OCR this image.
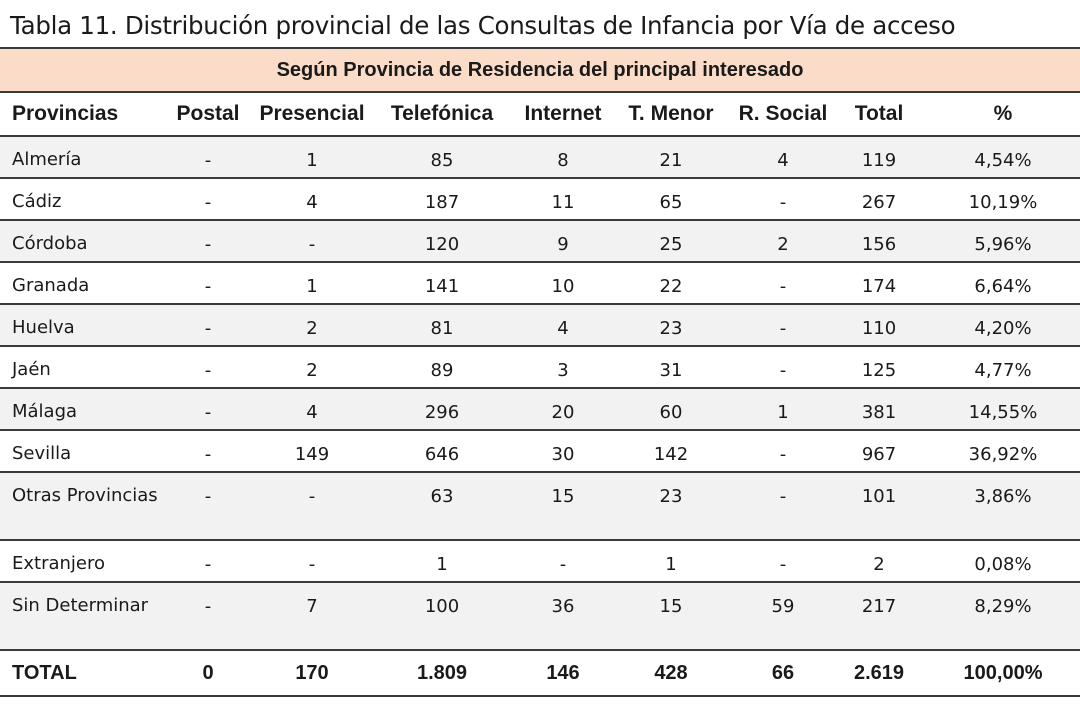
Tabla 11. Distribución provincial de las Consultas de Infancia por Vía de acceso
Según Provincia de Residencia del principal interesado
Provincias	Postal	Presencial	Telefónica	Internet	T. Menor	R. Social	Total	%
Almería	-	1	85	8	21	4	119	4,54%
Cádiz	-	4	187	11	65	-	267	10,19%
Córdoba	-	-	120	9	25	2	156	5,96%
Granada	-	1	141	10	22	-	174	6,64%
Huelva	-	2	81	4	23	-	110	4,20%
Jaén	-	2	89	3	31	-	125	4,77%
Málaga	-	4	296	20	60	1	381	14,55%
Sevilla	-	149	646	30	142	-	967	36,92%
Otras Provincias	-	-	63	15	23	-	101	3,86%
Extranjero	-	-	1	-	1	-	2	0,08%
Sin Determinar	-	7	100	36	15	59	217	8,29%
TOTAL	0	170	1.809	146	428	66	2.619	100,00%
